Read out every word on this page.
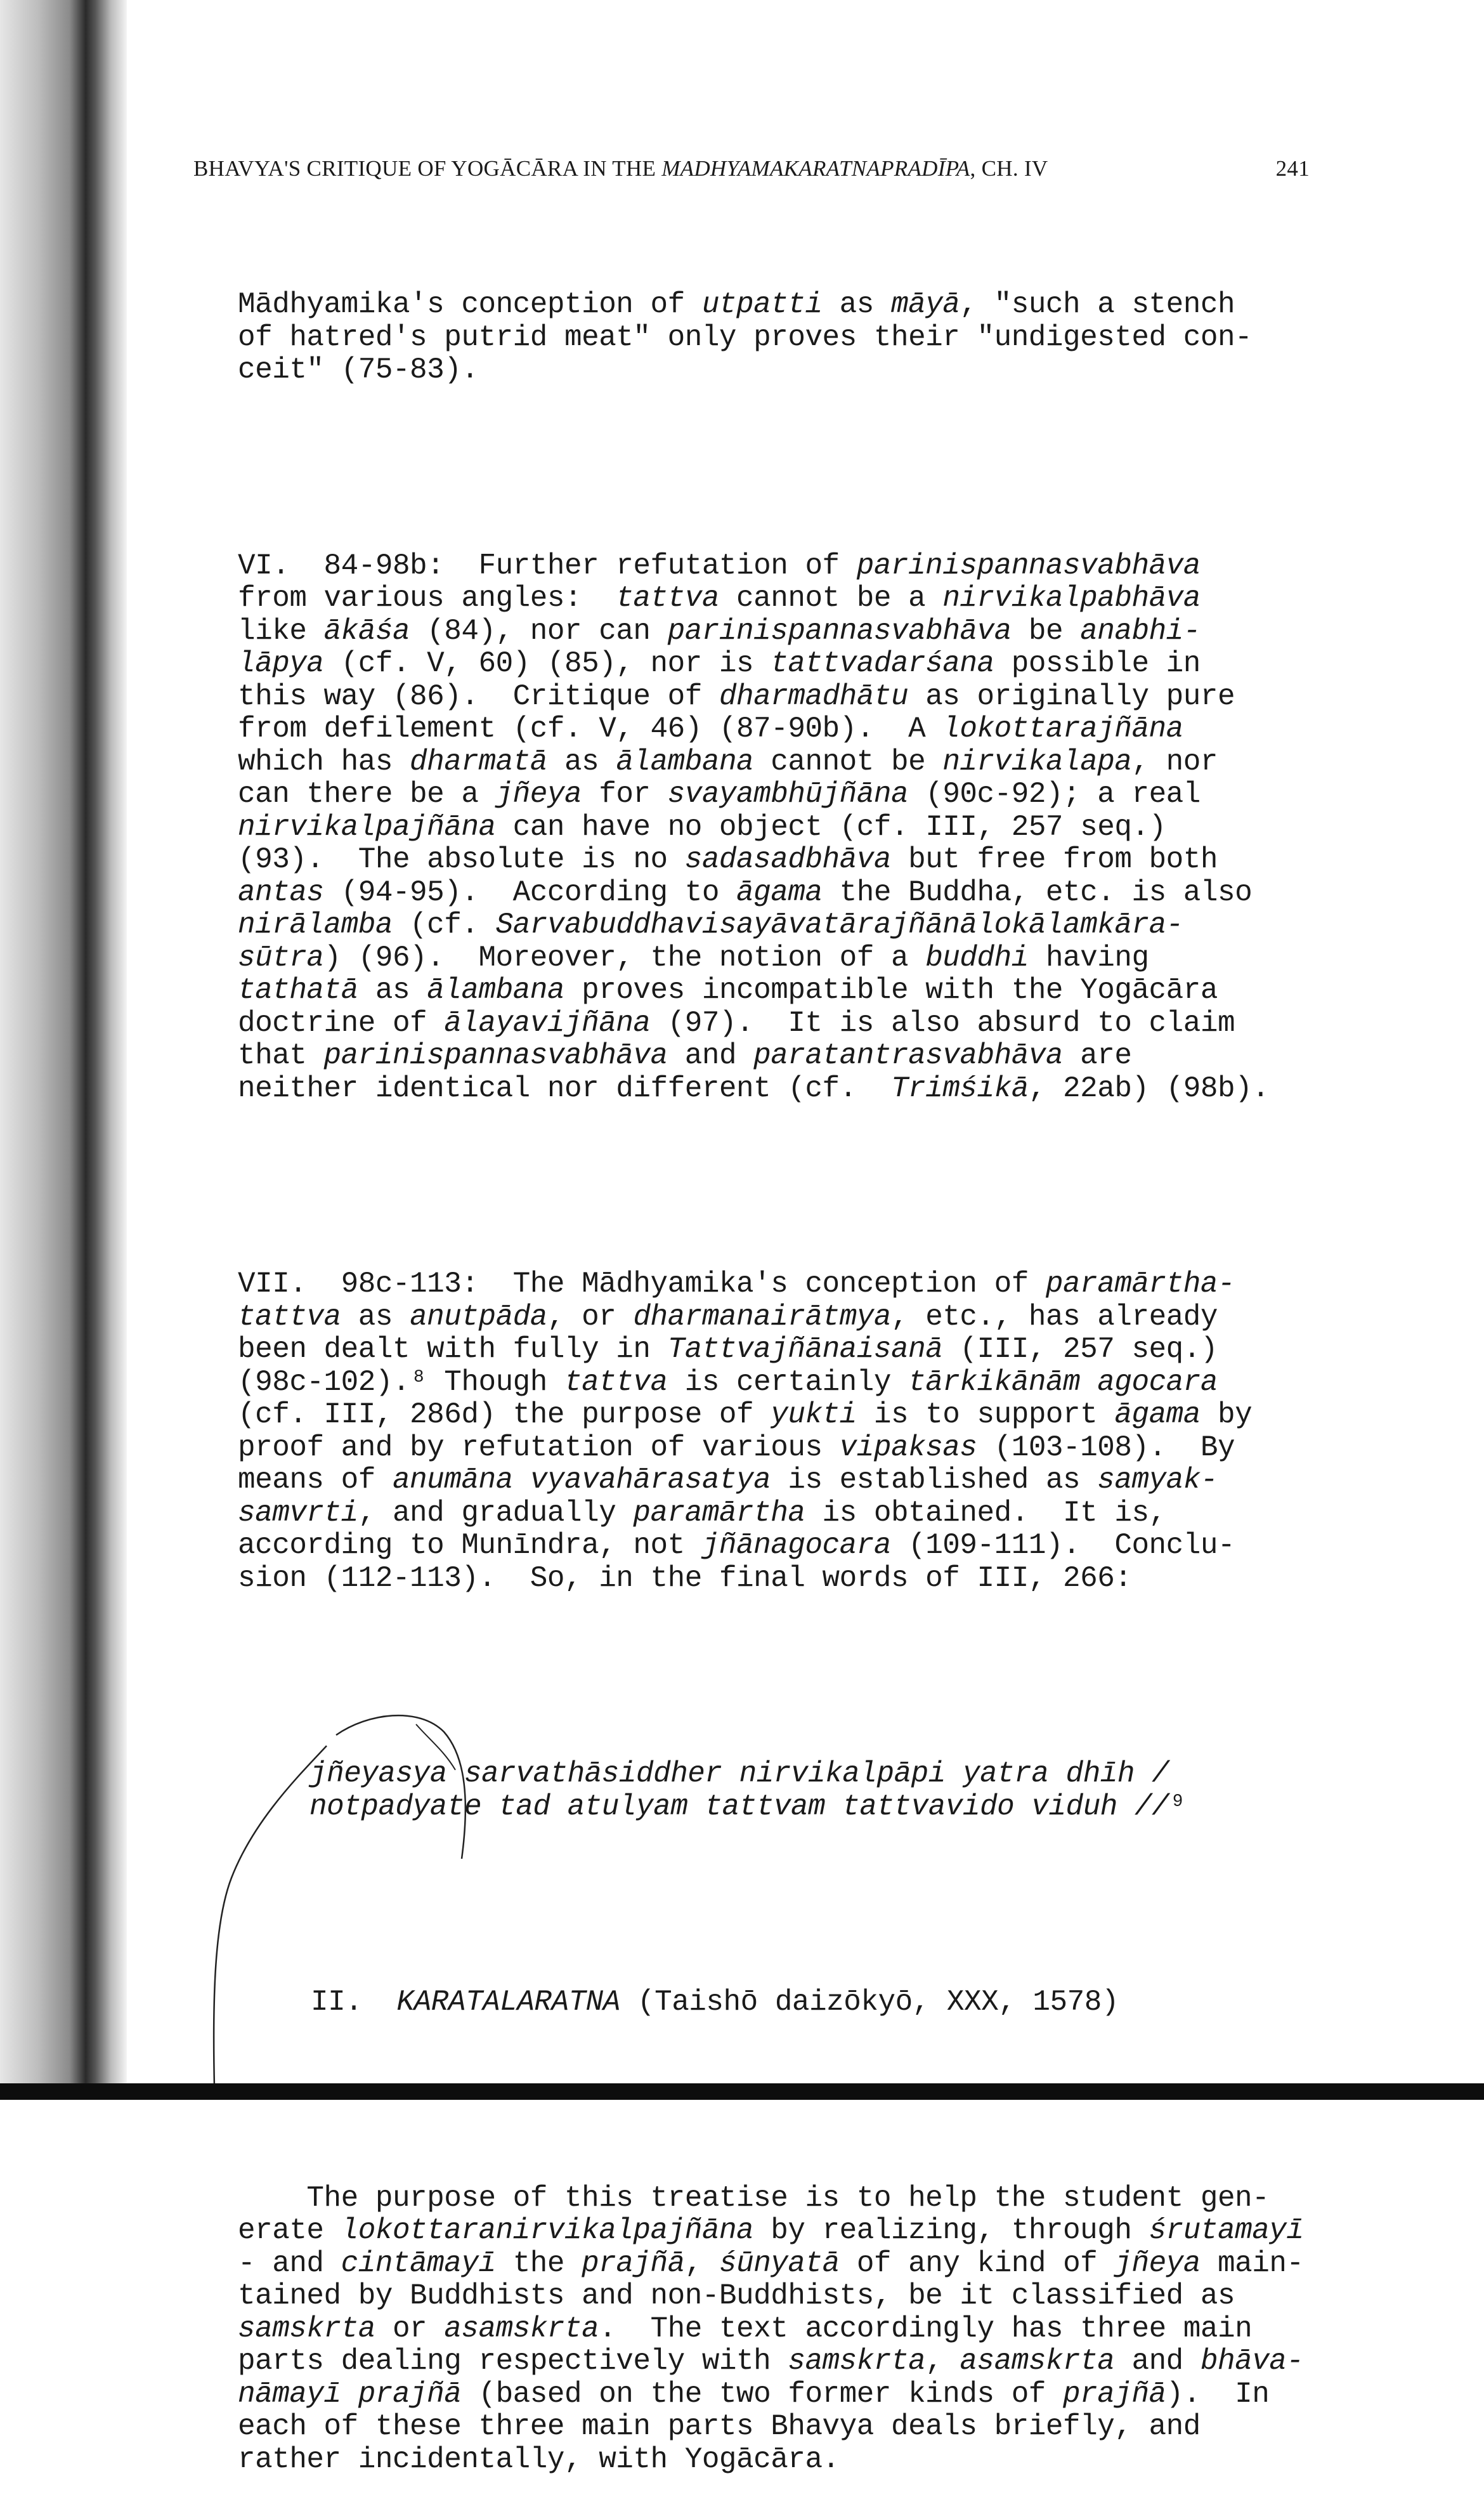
BHAVYA'S CRITIQUE OF YOGĀCĀRA IN THE MADHYAMAKARATNAPRADĪPA, CH. IV	241

Mādhyamika's conception of utpatti as māyā, "such a stench
of hatred's putrid meat" only proves their "undigested con-
ceit" (75-83).

VI.  84-98b:  Further refutation of parinispannasvabhāva
from various angles:  tattva cannot be a nirvikalpabhāva
like ākāśa (84), nor can parinispannasvabhāva be anabhi-
lāpya (cf. V, 60) (85), nor is tattvadarśana possible in
this way (86).  Critique of dharmadhātu as originally pure
from defilement (cf. V, 46) (87-90b).  A lokottarajñāna
which has dharmatā as ālambana cannot be nirvikalapa, nor
can there be a jñeya for svayambhūjñāna (90c-92); a real
nirvikalpajñāna can have no object (cf. III, 257 seq.)
(93).  The absolute is no sadasadbhāva but free from both
antas (94-95).  According to āgama the Buddha, etc. is also
nirālamba (cf. Sarvabuddhavisayāvatārajñānālokālamkāra-
sūtra) (96).  Moreover, the notion of a buddhi having
tathatā as ālambana proves incompatible with the Yogācāra
doctrine of ālayavijñāna (97).  It is also absurd to claim
that parinispannasvabhāva and paratantrasvabhāva are
neither identical nor different (cf.  Trimśikā, 22ab) (98b).

VII.  98c-113:  The Mādhyamika's conception of paramārtha-
tattva as anutpāda, or dharmanairātmya, etc., has already
been dealt with fully in Tattvajñānaisanā (III, 257 seq.)
(98c-102).⁸ Though tattva is certainly tārkikānām agocara
(cf. III, 286d) the purpose of yukti is to support āgama by
proof and by refutation of various vipaksas (103-108).  By
means of anumāna vyavahārasatya is established as samyak-
samvrti, and gradually paramārtha is obtained.  It is,
according to Munīndra, not jñānagocara (109-111).  Conclu-
sion (112-113).  So, in the final words of III, 266:

jñeyasya sarvathāsiddher nirvikalpāpi yatra dhīh /
notpadyate tad atulyam tattvam tattvavido viduh //⁹

II.  KARATALARATNA (Taishō daizōkyō, XXX, 1578)

The purpose of this treatise is to help the student gen-
erate lokottaranirvikalpajñāna by realizing, through śrutamayī
- and cintāmayī the prajñā, śūnyatā of any kind of jñeya main-
tained by Buddhists and non-Buddhists, be it classified as
samskrta or asamskrta.  The text accordingly has three main
parts dealing respectively with samskrta, asamskrta and bhāva-
nāmayī prajñā (based on the two former kinds of prajñā).  In
each of these three main parts Bhavya deals briefly, and
rather incidentally, with Yogācāra.
